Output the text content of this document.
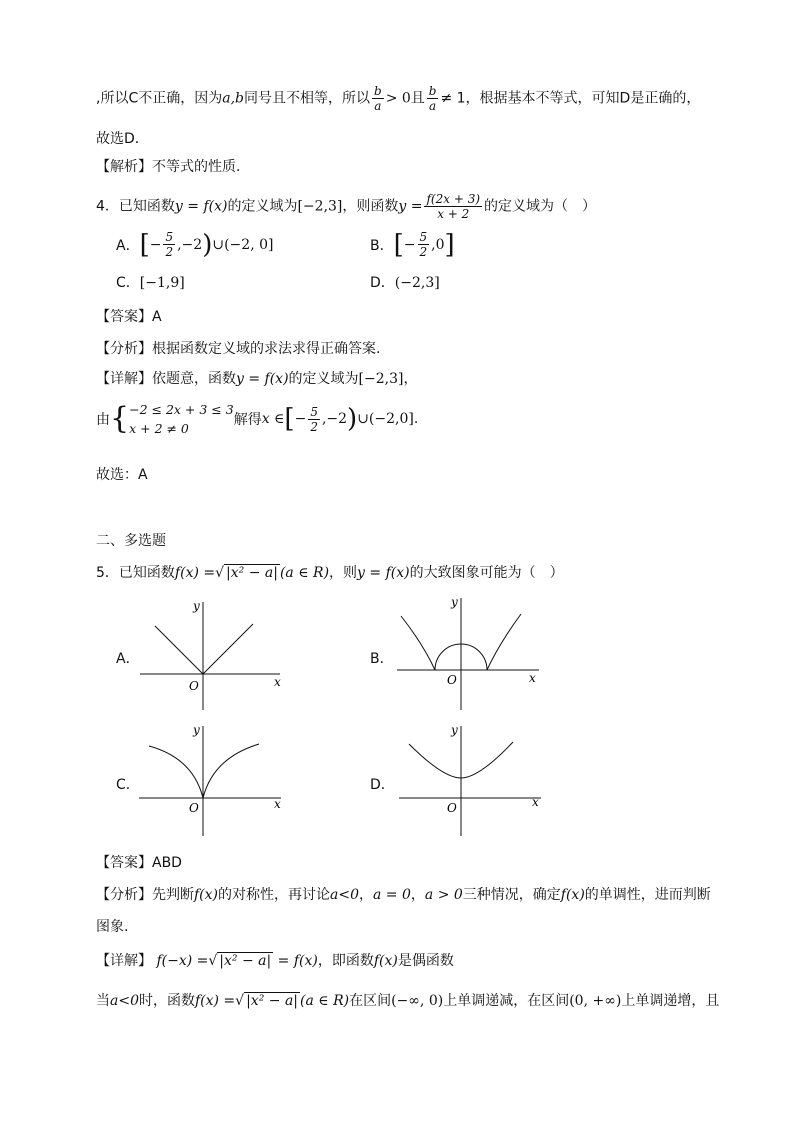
,所以C不正确，因为a,b同号且不相等，所以 $\frac{b}{a} > 0$且 $\frac{b}{a} \ne 1$，根据基本不等式，可知D是正确的，
故选D．
【解析】不等式的性质．
4．已知函数y = f(x)的定义域为[−2,3]，则函数$y = \frac{f(2x + 3)}{x + 2}$ 的定义域为（　）
A． [ − $\frac{5}{2} ,-2$ ) ∪(−2, 0]	B． [ − $\frac{5}{2} ,0$ ]
C．[−1,9]	D．(−2,3]
【答案】A
【分析】根据函数定义域的求法求得正确答案.
【详解】依题意，函数y = f(x)的定义域为[−2,3]，
由{ −2 ≤ 2x + 3 ≤ 3
x + 2 ≠ 0
解得x ∈[− $\frac{5}{2}$ ,−2)∪(−2,0].
故选：A
二、多选题
5．已知函数f(x) =√ |x² − a| (a ∈ R)，则y = f(x)的大致图象可能为（　）
A．
x
y
O
B．
x
y
O
C．
x
y
O
D．
x
y
O
【答案】ABD
【分析】先判断f(x)的对称性，再讨论a<0，a = 0，a > 0三种情况，确定f(x)的单调性，进而判断
图象.
【详解】 f(−x) =√ |x² − a| = f(x)，即函数f(x)是偶函数
当a<0时，函数f(x) =√ |x² − a| (a ∈ R)在区间(−∞, 0)上单调递减，在区间(0, +∞)上单调递增，且
